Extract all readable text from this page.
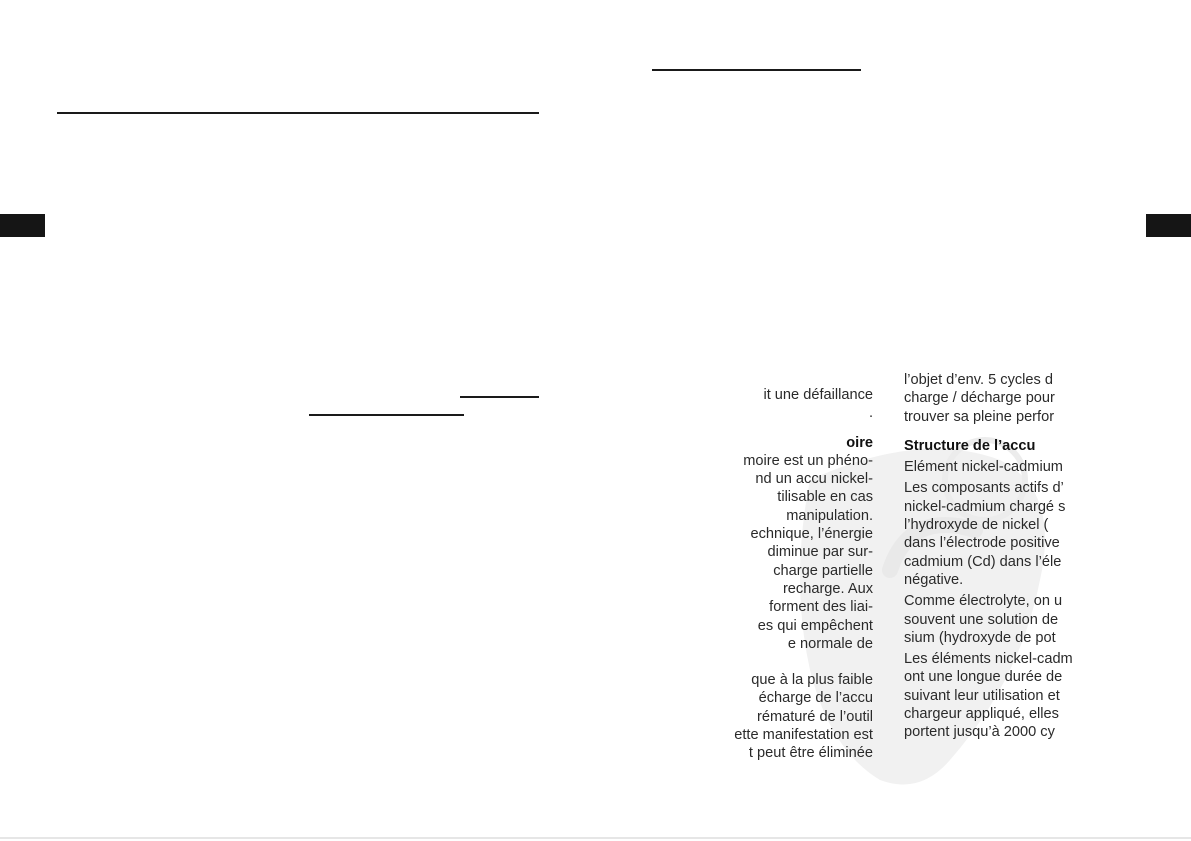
it une défaillance
.
oire
moire est un phéno-
nd un accu nickel-
tilisable en cas
manipulation.
echnique, l’énergie
diminue par sur-
charge partielle
recharge. Aux
forment des liai-
es qui empêchent
e normale de
que à la plus faible
écharge de l’accu
rématuré de l’outil
ette manifestation est
t peut être éliminée
l’objet d’env. 5 cycles d
charge / décharge pour
trouver sa pleine perfor
Structure de l’accu
Elément nickel-cadmium
Les composants actifs d’
nickel-cadmium chargé s
l’hydroxyde de nickel (
dans l’électrode positive
cadmium (Cd) dans l’éle
négative.
Comme électrolyte, on u
souvent une solution de
sium (hydroxyde de pot
Les éléments nickel-cadm
ont une longue durée de
suivant leur utilisation et
chargeur appliqué, elles
portent jusqu’à 2000 cy
